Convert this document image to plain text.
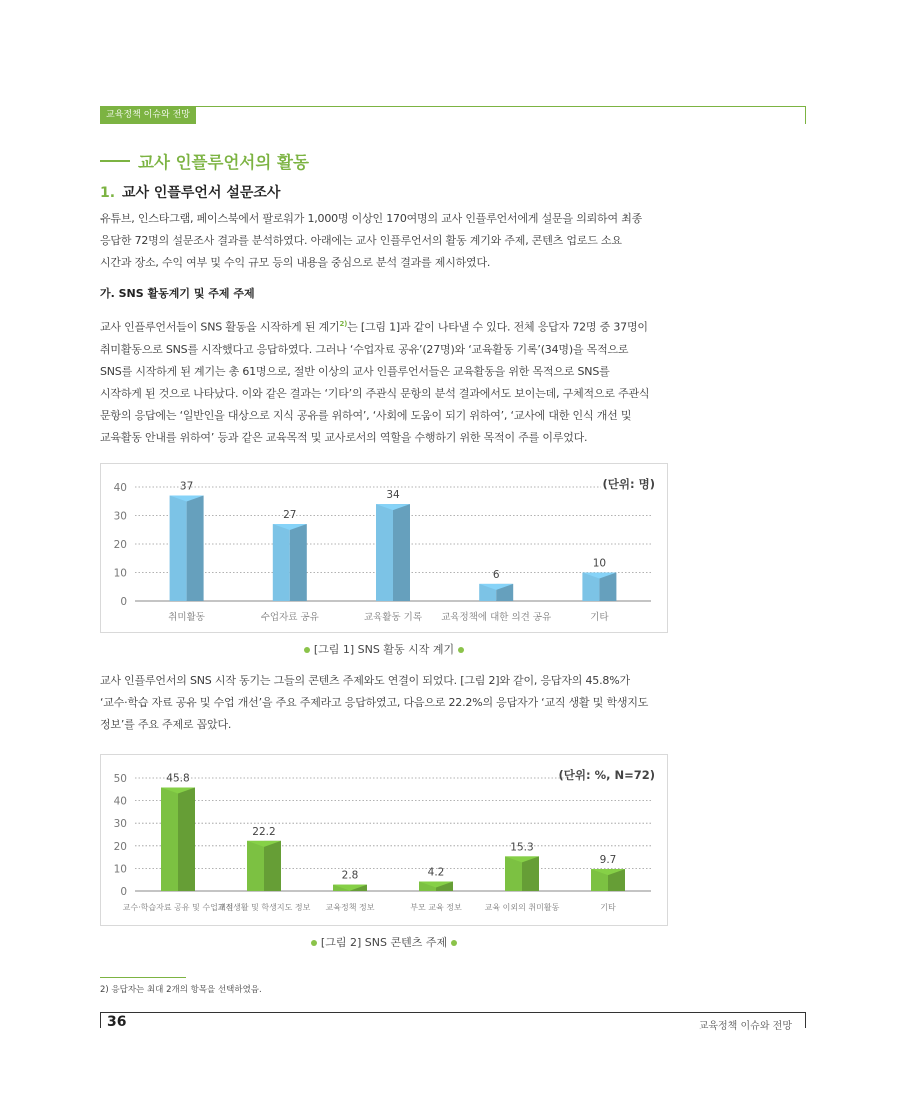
교육정책 이슈와 전망
교사 인플루언서의 활동
1. 교사 인플루언서 설문조사
유튜브, 인스타그램, 페이스북에서 팔로워가 1,000명 이상인 170여명의 교사 인플루언서에게 설문을 의뢰하여 최종
응답한 72명의 설문조사 결과를 분석하였다. 아래에는 교사 인플루언서의 활동 계기와 주제, 콘텐츠 업로드 소요
시간과 장소, 수익 여부 및 수익 규모 등의 내용을 중심으로 분석 결과를 제시하였다.
가. SNS 활동계기 및 주제 주제
교사 인플루언서들이 SNS 활동을 시작하게 된 계기$^{2)}$는 [그림 1]과 같이 나타낼 수 있다. 전체 응답자 72명 중 37명이
취미활동으로 SNS를 시작했다고 응답하였다. 그러나 ‘수업자료 공유’(27명)와 ‘교육활동 기록’(34명)을 목적으로
SNS를 시작하게 된 계기는 총 61명으로, 절반 이상의 교사 인플루언서들은 교육활동을 위한 목적으로 SNS를
시작하게 된 것으로 나타났다. 이와 같은 결과는 ‘기타’의 주관식 문항의 분석 결과에서도 보이는데, 구체적으로 주관식
문항의 응답에는 ‘일반인을 대상으로 지식 공유를 위하여’, ‘사회에 도움이 되기 위하여’, ‘교사에 대한 인식 개선 및
교육활동 안내를 위하여’ 등과 같은 교육목적 및 교사로서의 역할을 수행하기 위한 목적이 주를 이루었다.
(단위: 명)
0
10
20
30
40	37
취미활동
27
수업자료 공유
34
교육활동 기록
6
교육정책에 대한 의견 공유
10
기타
[그림 1] SNS 활동 시작 계기
교사 인플루언서의 SNS 시작 동기는 그들의 콘텐츠 주제와도 연결이 되었다. [그림 2]와 같이, 응답자의 45.8%가
‘교수·학습 자료 공유 및 수업 개선’을 주요 주제라고 응답하였고, 다음으로 22.2%의 응답자가 ‘교직 생활 및 학생지도
정보’를 주요 주제로 꼽았다.
(단위: %, N=72)
0
10
20
30
40
50	45.8
교수·학습자료 공유 및 수업개선
22.2
교직생활 및 학생지도 정보
2.8
교육정책 정보
4.2
부모 교육 정보
15.3
교육 이외의 취미활동
9.7
기타
[그림 2] SNS 콘텐츠 주제
2) 응답자는 최대 2개의 항목을 선택하였음.
36	교육정책 이슈와 전망
